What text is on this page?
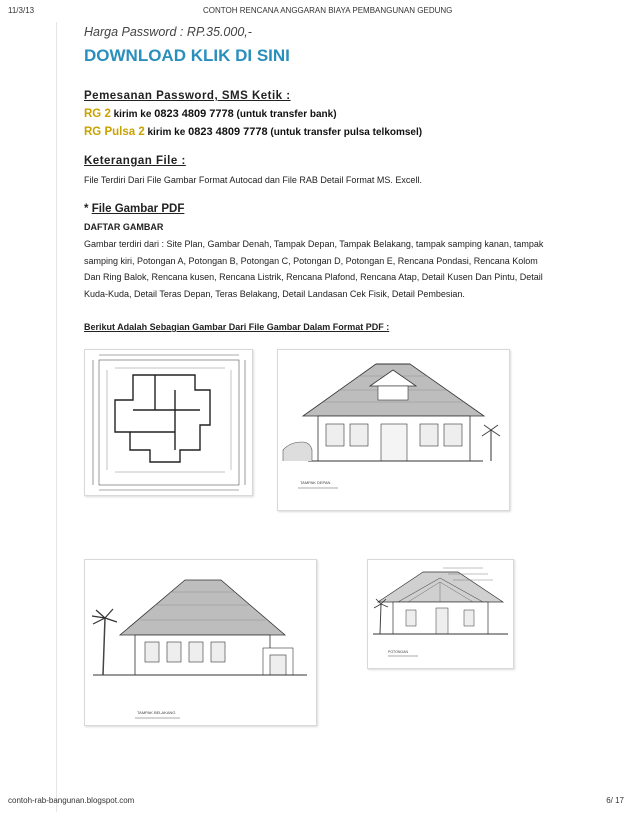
11/3/13	CONTOH RENCANA ANGGARAN BIAYA PEMBANGUNAN GEDUNG
Harga Password : RP.35.000,-
DOWNLOAD KLIK DI SINI
Pemesanan Password, SMS Ketik :
RG 2 kirim ke 0823 4809 7778 (untuk transfer bank)
RG Pulsa 2 kirim ke 0823 4809 7778 (untuk transfer pulsa telkomsel)
Keterangan File :
File Terdiri Dari File Gambar Format Autocad dan File RAB Detail Format MS. Excell.
* File Gambar PDF
DAFTAR GAMBAR
Gambar terdiri dari : Site Plan, Gambar Denah, Tampak Depan, Tampak Belakang, tampak samping kanan, tampak samping kiri, Potongan A, Potongan B, Potongan C, Potongan D, Potongan E, Rencana Pondasi, Rencana Kolom Dan Ring Balok, Rencana kusen, Rencana Listrik, Rencana Plafond, Rencana Atap, Detail Kusen Dan Pintu, Detail Kuda-Kuda, Detail Teras Depan, Teras Belakang, Detail Landasan Cek Fisik, Detail Pembesian.
Berikut Adalah Sebagian Gambar Dari File Gambar Dalam Format PDF :
TAMPAK DEPAN
TAMPAK BELAKANG
POTONGAN
contoh-rab-bangunan.blogspot.com	6/ 17
